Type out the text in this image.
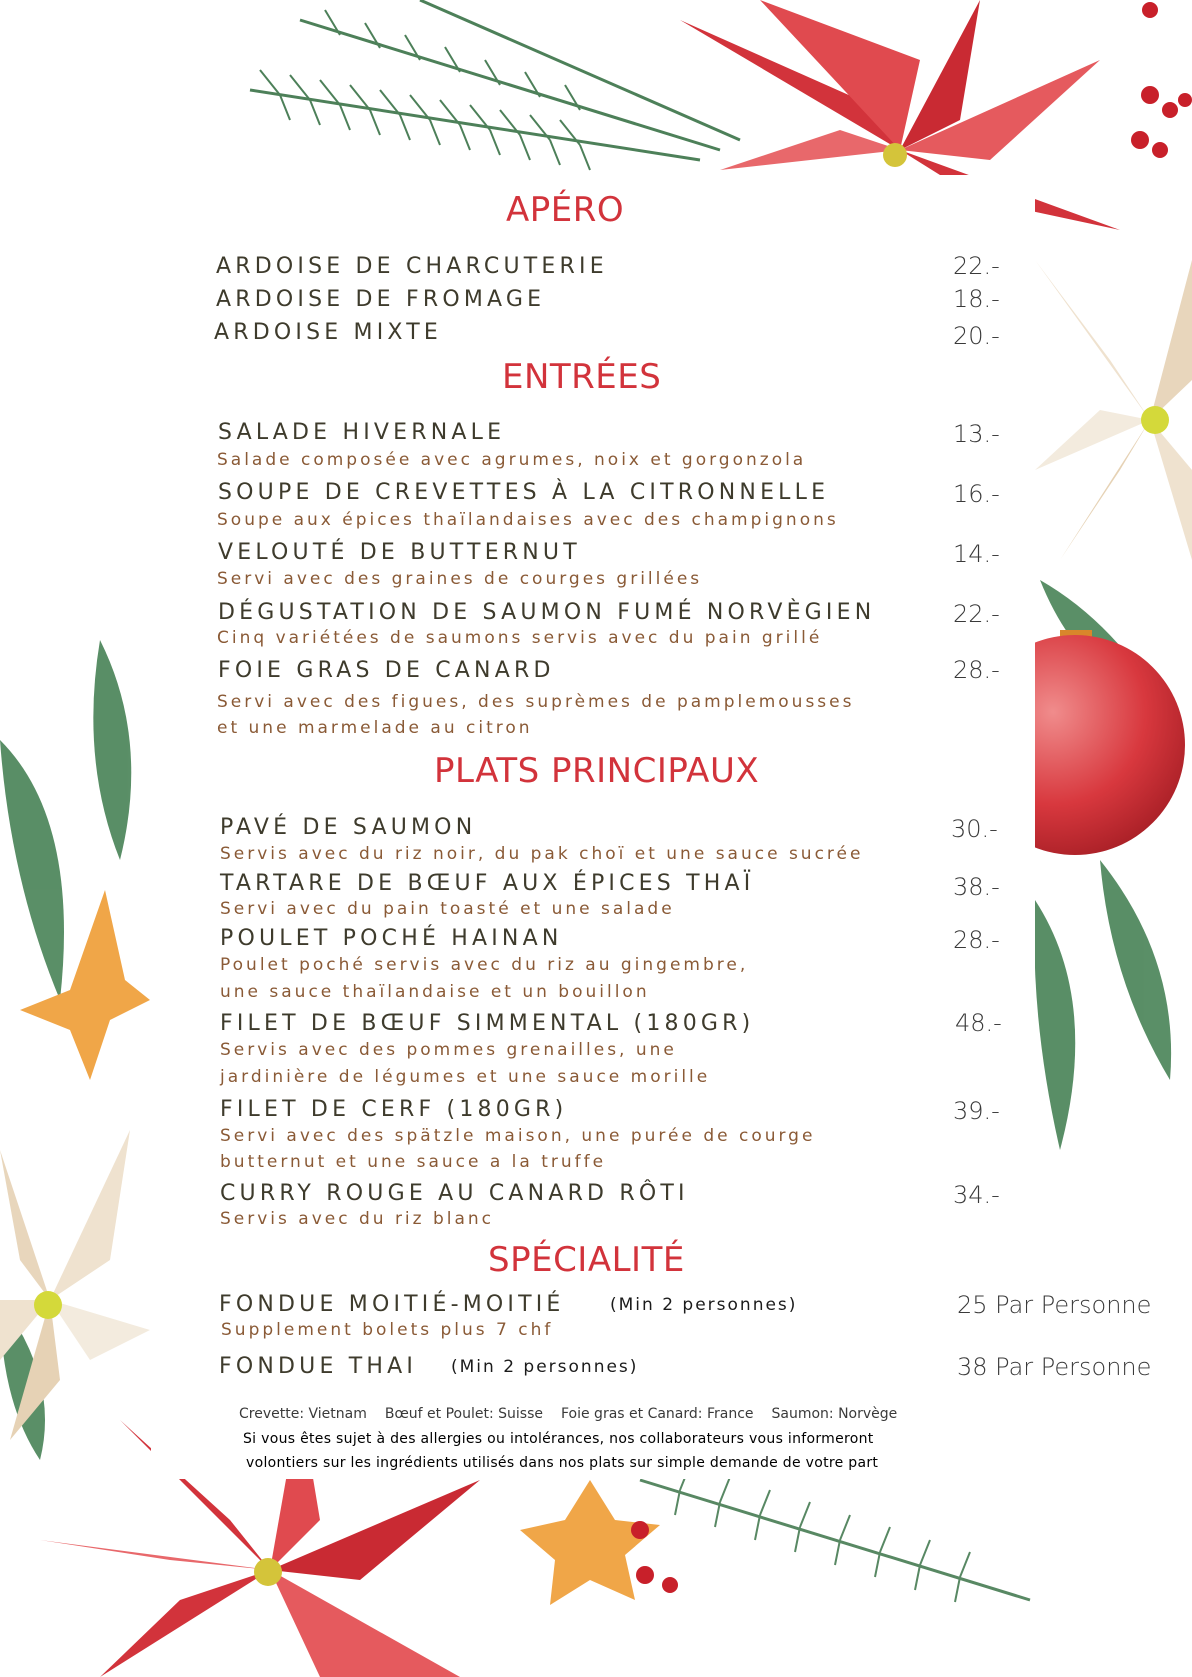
APÉRO
ARDOISE DE CHARCUTERIE	22.-
ARDOISE DE FROMAGE	18.-
ARDOISE MIXTE	20.-
ENTRÉES
SALADE HIVERNALE	13.-
Salade composée avec agrumes, noix et gorgonzola
SOUPE DE CREVETTES À LA CITRONNELLE	16.-
Soupe aux épices thaïlandaises avec des champignons
VELOUTÉ DE BUTTERNUT	14.-
Servi avec des graines de courges grillées
DÉGUSTATION DE SAUMON FUMÉ NORVÈGIEN	22.-
Cinq variétées de saumons servis avec du pain grillé
FOIE GRAS DE CANARD	28.-
Servi avec des figues, des suprèmes de pamplemousses
et une marmelade au citron
PLATS PRINCIPAUX
PAVÉ DE SAUMON	30.-
Servis avec du riz noir, du pak choï et une sauce sucrée
TARTARE DE BŒUF AUX ÉPICES THAÏ	38.-
Servi avec du pain toasté et une salade
POULET POCHÉ HAINAN	28.-
Poulet poché servis avec du riz au gingembre,
une sauce thaïlandaise et un bouillon
FILET DE BŒUF SIMMENTAL (180GR)	48.-
Servis avec des pommes grenailles, une
jardinière de légumes et une sauce morille
FILET DE CERF (180GR)	39.-
Servi avec des spätzle maison, une purée de courge
butternut et une sauce a la truffe
CURRY ROUGE AU CANARD RÔTI	34.-
Servis avec du riz blanc
SPÉCIALITÉ
FONDUE MOITIÉ-MOITIÉ	(Min 2 personnes)	25 Par Personne
Supplement bolets plus 7 chf
FONDUE THAI (Min 2 personnes)	38 Par Personne
Crevette: Vietnam Bœuf et Poulet: Suisse Foie gras et Canard: France Saumon: Norvège
Si vous êtes sujet à des allergies ou intolérances, nos collaborateurs vous informeront
volontiers sur les ingrédients utilisés dans nos plats sur simple demande de votre part
